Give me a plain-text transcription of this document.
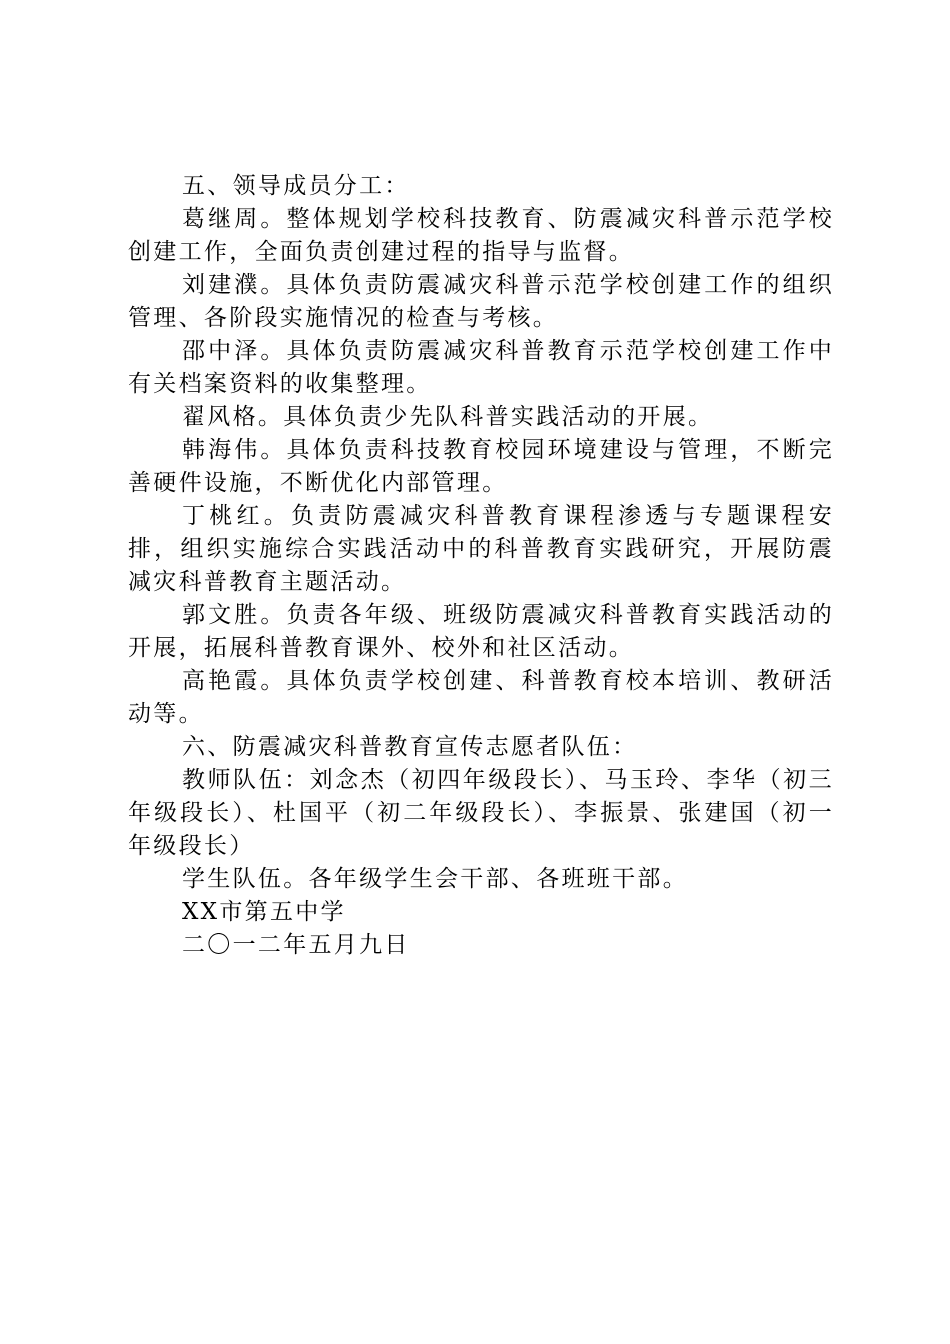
五、领导成员分工：

葛继周。整体规划学校科技教育、防震减灾科普示范学校创建工作，全面负责创建过程的指导与监督。

刘建濮。具体负责防震减灾科普示范学校创建工作的组织管理、各阶段实施情况的检查与考核。

邵中泽。具体负责防震减灾科普教育示范学校创建工作中有关档案资料的收集整理。

翟风格。具体负责少先队科普实践活动的开展。

韩海伟。具体负责科技教育校园环境建设与管理，不断完善硬件设施，不断优化内部管理。

丁桃红。负责防震减灾科普教育课程渗透与专题课程安排，组织实施综合实践活动中的科普教育实践研究，开展防震减灾科普教育主题活动。

郭文胜。负责各年级、班级防震减灾科普教育实践活动的开展，拓展科普教育课外、校外和社区活动。

高艳霞。具体负责学校创建、科普教育校本培训、教研活动等。

六、防震减灾科普教育宣传志愿者队伍：

教师队伍：刘念杰（初四年级段长）、马玉玲、李华（初三年级段长）、杜国平（初二年级段长）、李振景、张建国（初一年级段长）

学生队伍。各年级学生会干部、各班班干部。

XX市第五中学

二〇一二年五月九日
